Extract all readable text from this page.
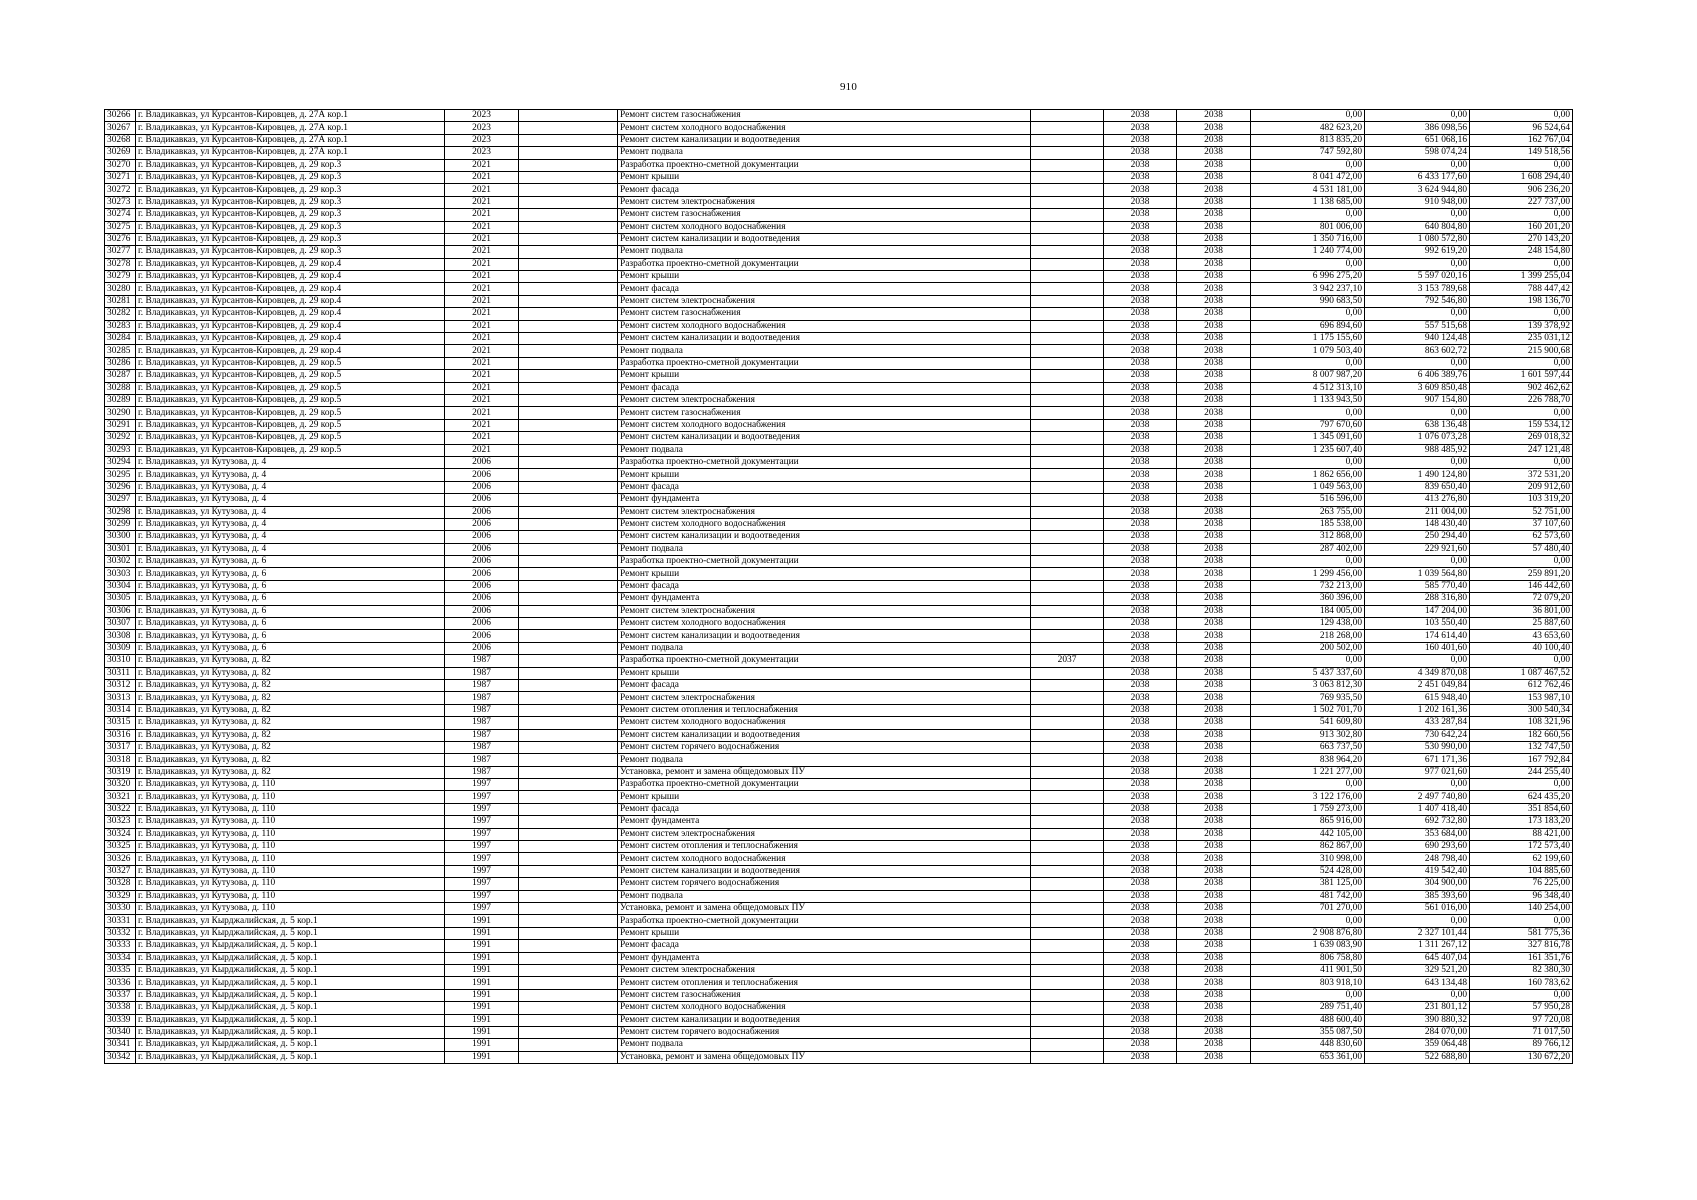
910
30266	г. Владикавказ, ул Курсантов-Кировцев, д. 27А кор.1	2023		Ремонт систем газоснабжения		2038	2038	0,00	0,00	0,00
30267	г. Владикавказ, ул Курсантов-Кировцев, д. 27А кор.1	2023		Ремонт систем холодного водоснабжения		2038	2038	482 623,20	386 098,56	96 524,64
30268	г. Владикавказ, ул Курсантов-Кировцев, д. 27А кор.1	2023		Ремонт систем канализации и водоотведения		2038	2038	813 835,20	651 068,16	162 767,04
30269	г. Владикавказ, ул Курсантов-Кировцев, д. 27А кор.1	2023		Ремонт подвала		2038	2038	747 592,80	598 074,24	149 518,56
30270	г. Владикавказ, ул Курсантов-Кировцев, д. 29 кор.3	2021		Разработка проектно-сметной документации		2038	2038	0,00	0,00	0,00
30271	г. Владикавказ, ул Курсантов-Кировцев, д. 29 кор.3	2021		Ремонт крыши		2038	2038	8 041 472,00	6 433 177,60	1 608 294,40
30272	г. Владикавказ, ул Курсантов-Кировцев, д. 29 кор.3	2021		Ремонт фасада		2038	2038	4 531 181,00	3 624 944,80	906 236,20
30273	г. Владикавказ, ул Курсантов-Кировцев, д. 29 кор.3	2021		Ремонт систем электроснабжения		2038	2038	1 138 685,00	910 948,00	227 737,00
30274	г. Владикавказ, ул Курсантов-Кировцев, д. 29 кор.3	2021		Ремонт систем газоснабжения		2038	2038	0,00	0,00	0,00
30275	г. Владикавказ, ул Курсантов-Кировцев, д. 29 кор.3	2021		Ремонт систем холодного водоснабжения		2038	2038	801 006,00	640 804,80	160 201,20
30276	г. Владикавказ, ул Курсантов-Кировцев, д. 29 кор.3	2021		Ремонт систем канализации и водоотведения		2038	2038	1 350 716,00	1 080 572,80	270 143,20
30277	г. Владикавказ, ул Курсантов-Кировцев, д. 29 кор.3	2021		Ремонт подвала		2038	2038	1 240 774,00	992 619,20	248 154,80
30278	г. Владикавказ, ул Курсантов-Кировцев, д. 29 кор.4	2021		Разработка проектно-сметной документации		2038	2038	0,00	0,00	0,00
30279	г. Владикавказ, ул Курсантов-Кировцев, д. 29 кор.4	2021		Ремонт крыши		2038	2038	6 996 275,20	5 597 020,16	1 399 255,04
30280	г. Владикавказ, ул Курсантов-Кировцев, д. 29 кор.4	2021		Ремонт фасада		2038	2038	3 942 237,10	3 153 789,68	788 447,42
30281	г. Владикавказ, ул Курсантов-Кировцев, д. 29 кор.4	2021		Ремонт систем электроснабжения		2038	2038	990 683,50	792 546,80	198 136,70
30282	г. Владикавказ, ул Курсантов-Кировцев, д. 29 кор.4	2021		Ремонт систем газоснабжения		2038	2038	0,00	0,00	0,00
30283	г. Владикавказ, ул Курсантов-Кировцев, д. 29 кор.4	2021		Ремонт систем холодного водоснабжения		2038	2038	696 894,60	557 515,68	139 378,92
30284	г. Владикавказ, ул Курсантов-Кировцев, д. 29 кор.4	2021		Ремонт систем канализации и водоотведения		2038	2038	1 175 155,60	940 124,48	235 031,12
30285	г. Владикавказ, ул Курсантов-Кировцев, д. 29 кор.4	2021		Ремонт подвала		2038	2038	1 079 503,40	863 602,72	215 900,68
30286	г. Владикавказ, ул Курсантов-Кировцев, д. 29 кор.5	2021		Разработка проектно-сметной документации		2038	2038	0,00	0,00	0,00
30287	г. Владикавказ, ул Курсантов-Кировцев, д. 29 кор.5	2021		Ремонт крыши		2038	2038	8 007 987,20	6 406 389,76	1 601 597,44
30288	г. Владикавказ, ул Курсантов-Кировцев, д. 29 кор.5	2021		Ремонт фасада		2038	2038	4 512 313,10	3 609 850,48	902 462,62
30289	г. Владикавказ, ул Курсантов-Кировцев, д. 29 кор.5	2021		Ремонт систем электроснабжения		2038	2038	1 133 943,50	907 154,80	226 788,70
30290	г. Владикавказ, ул Курсантов-Кировцев, д. 29 кор.5	2021		Ремонт систем газоснабжения		2038	2038	0,00	0,00	0,00
30291	г. Владикавказ, ул Курсантов-Кировцев, д. 29 кор.5	2021		Ремонт систем холодного водоснабжения		2038	2038	797 670,60	638 136,48	159 534,12
30292	г. Владикавказ, ул Курсантов-Кировцев, д. 29 кор.5	2021		Ремонт систем канализации и водоотведения		2038	2038	1 345 091,60	1 076 073,28	269 018,32
30293	г. Владикавказ, ул Курсантов-Кировцев, д. 29 кор.5	2021		Ремонт подвала		2038	2038	1 235 607,40	988 485,92	247 121,48
30294	г. Владикавказ, ул Кутузова, д. 4	2006		Разработка проектно-сметной документации		2038	2038	0,00	0,00	0,00
30295	г. Владикавказ, ул Кутузова, д. 4	2006		Ремонт крыши		2038	2038	1 862 656,00	1 490 124,80	372 531,20
30296	г. Владикавказ, ул Кутузова, д. 4	2006		Ремонт фасада		2038	2038	1 049 563,00	839 650,40	209 912,60
30297	г. Владикавказ, ул Кутузова, д. 4	2006		Ремонт фундамента		2038	2038	516 596,00	413 276,80	103 319,20
30298	г. Владикавказ, ул Кутузова, д. 4	2006		Ремонт систем электроснабжения		2038	2038	263 755,00	211 004,00	52 751,00
30299	г. Владикавказ, ул Кутузова, д. 4	2006		Ремонт систем холодного водоснабжения		2038	2038	185 538,00	148 430,40	37 107,60
30300	г. Владикавказ, ул Кутузова, д. 4	2006		Ремонт систем канализации и водоотведения		2038	2038	312 868,00	250 294,40	62 573,60
30301	г. Владикавказ, ул Кутузова, д. 4	2006		Ремонт подвала		2038	2038	287 402,00	229 921,60	57 480,40
30302	г. Владикавказ, ул Кутузова, д. 6	2006		Разработка проектно-сметной документации		2038	2038	0,00	0,00	0,00
30303	г. Владикавказ, ул Кутузова, д. 6	2006		Ремонт крыши		2038	2038	1 299 456,00	1 039 564,80	259 891,20
30304	г. Владикавказ, ул Кутузова, д. 6	2006		Ремонт фасада		2038	2038	732 213,00	585 770,40	146 442,60
30305	г. Владикавказ, ул Кутузова, д. 6	2006		Ремонт фундамента		2038	2038	360 396,00	288 316,80	72 079,20
30306	г. Владикавказ, ул Кутузова, д. 6	2006		Ремонт систем электроснабжения		2038	2038	184 005,00	147 204,00	36 801,00
30307	г. Владикавказ, ул Кутузова, д. 6	2006		Ремонт систем холодного водоснабжения		2038	2038	129 438,00	103 550,40	25 887,60
30308	г. Владикавказ, ул Кутузова, д. 6	2006		Ремонт систем канализации и водоотведения		2038	2038	218 268,00	174 614,40	43 653,60
30309	г. Владикавказ, ул Кутузова, д. 6	2006		Ремонт подвала		2038	2038	200 502,00	160 401,60	40 100,40
30310	г. Владикавказ, ул Кутузова, д. 82	1987		Разработка проектно-сметной документации	2037	2038	2038	0,00	0,00	0,00
30311	г. Владикавказ, ул Кутузова, д. 82	1987		Ремонт крыши		2038	2038	5 437 337,60	4 349 870,08	1 087 467,52
30312	г. Владикавказ, ул Кутузова, д. 82	1987		Ремонт фасада		2038	2038	3 063 812,30	2 451 049,84	612 762,46
30313	г. Владикавказ, ул Кутузова, д. 82	1987		Ремонт систем электроснабжения		2038	2038	769 935,50	615 948,40	153 987,10
30314	г. Владикавказ, ул Кутузова, д. 82	1987		Ремонт систем отопления и теплоснабжения		2038	2038	1 502 701,70	1 202 161,36	300 540,34
30315	г. Владикавказ, ул Кутузова, д. 82	1987		Ремонт систем холодного водоснабжения		2038	2038	541 609,80	433 287,84	108 321,96
30316	г. Владикавказ, ул Кутузова, д. 82	1987		Ремонт систем канализации и водоотведения		2038	2038	913 302,80	730 642,24	182 660,56
30317	г. Владикавказ, ул Кутузова, д. 82	1987		Ремонт систем горячего водоснабжения		2038	2038	663 737,50	530 990,00	132 747,50
30318	г. Владикавказ, ул Кутузова, д. 82	1987		Ремонт подвала		2038	2038	838 964,20	671 171,36	167 792,84
30319	г. Владикавказ, ул Кутузова, д. 82	1987		Установка, ремонт и замена общедомовых ПУ		2038	2038	1 221 277,00	977 021,60	244 255,40
30320	г. Владикавказ, ул Кутузова, д. 110	1997		Разработка проектно-сметной документации		2038	2038	0,00	0,00	0,00
30321	г. Владикавказ, ул Кутузова, д. 110	1997		Ремонт крыши		2038	2038	3 122 176,00	2 497 740,80	624 435,20
30322	г. Владикавказ, ул Кутузова, д. 110	1997		Ремонт фасада		2038	2038	1 759 273,00	1 407 418,40	351 854,60
30323	г. Владикавказ, ул Кутузова, д. 110	1997		Ремонт фундамента		2038	2038	865 916,00	692 732,80	173 183,20
30324	г. Владикавказ, ул Кутузова, д. 110	1997		Ремонт систем электроснабжения		2038	2038	442 105,00	353 684,00	88 421,00
30325	г. Владикавказ, ул Кутузова, д. 110	1997		Ремонт систем отопления и теплоснабжения		2038	2038	862 867,00	690 293,60	172 573,40
30326	г. Владикавказ, ул Кутузова, д. 110	1997		Ремонт систем холодного водоснабжения		2038	2038	310 998,00	248 798,40	62 199,60
30327	г. Владикавказ, ул Кутузова, д. 110	1997		Ремонт систем канализации и водоотведения		2038	2038	524 428,00	419 542,40	104 885,60
30328	г. Владикавказ, ул Кутузова, д. 110	1997		Ремонт систем горячего водоснабжения		2038	2038	381 125,00	304 900,00	76 225,00
30329	г. Владикавказ, ул Кутузова, д. 110	1997		Ремонт подвала		2038	2038	481 742,00	385 393,60	96 348,40
30330	г. Владикавказ, ул Кутузова, д. 110	1997		Установка, ремонт и замена общедомовых ПУ		2038	2038	701 270,00	561 016,00	140 254,00
30331	г. Владикавказ, ул Кырджалийская, д. 5 кор.1	1991		Разработка проектно-сметной документации		2038	2038	0,00	0,00	0,00
30332	г. Владикавказ, ул Кырджалийская, д. 5 кор.1	1991		Ремонт крыши		2038	2038	2 908 876,80	2 327 101,44	581 775,36
30333	г. Владикавказ, ул Кырджалийская, д. 5 кор.1	1991		Ремонт фасада		2038	2038	1 639 083,90	1 311 267,12	327 816,78
30334	г. Владикавказ, ул Кырджалийская, д. 5 кор.1	1991		Ремонт фундамента		2038	2038	806 758,80	645 407,04	161 351,76
30335	г. Владикавказ, ул Кырджалийская, д. 5 кор.1	1991		Ремонт систем электроснабжения		2038	2038	411 901,50	329 521,20	82 380,30
30336	г. Владикавказ, ул Кырджалийская, д. 5 кор.1	1991		Ремонт систем отопления и теплоснабжения		2038	2038	803 918,10	643 134,48	160 783,62
30337	г. Владикавказ, ул Кырджалийская, д. 5 кор.1	1991		Ремонт систем газоснабжения		2038	2038	0,00	0,00	0,00
30338	г. Владикавказ, ул Кырджалийская, д. 5 кор.1	1991		Ремонт систем холодного водоснабжения		2038	2038	289 751,40	231 801,12	57 950,28
30339	г. Владикавказ, ул Кырджалийская, д. 5 кор.1	1991		Ремонт систем канализации и водоотведения		2038	2038	488 600,40	390 880,32	97 720,08
30340	г. Владикавказ, ул Кырджалийская, д. 5 кор.1	1991		Ремонт систем горячего водоснабжения		2038	2038	355 087,50	284 070,00	71 017,50
30341	г. Владикавказ, ул Кырджалийская, д. 5 кор.1	1991		Ремонт подвала		2038	2038	448 830,60	359 064,48	89 766,12
30342	г. Владикавказ, ул Кырджалийская, д. 5 кор.1	1991		Установка, ремонт и замена общедомовых ПУ		2038	2038	653 361,00	522 688,80	130 672,20
